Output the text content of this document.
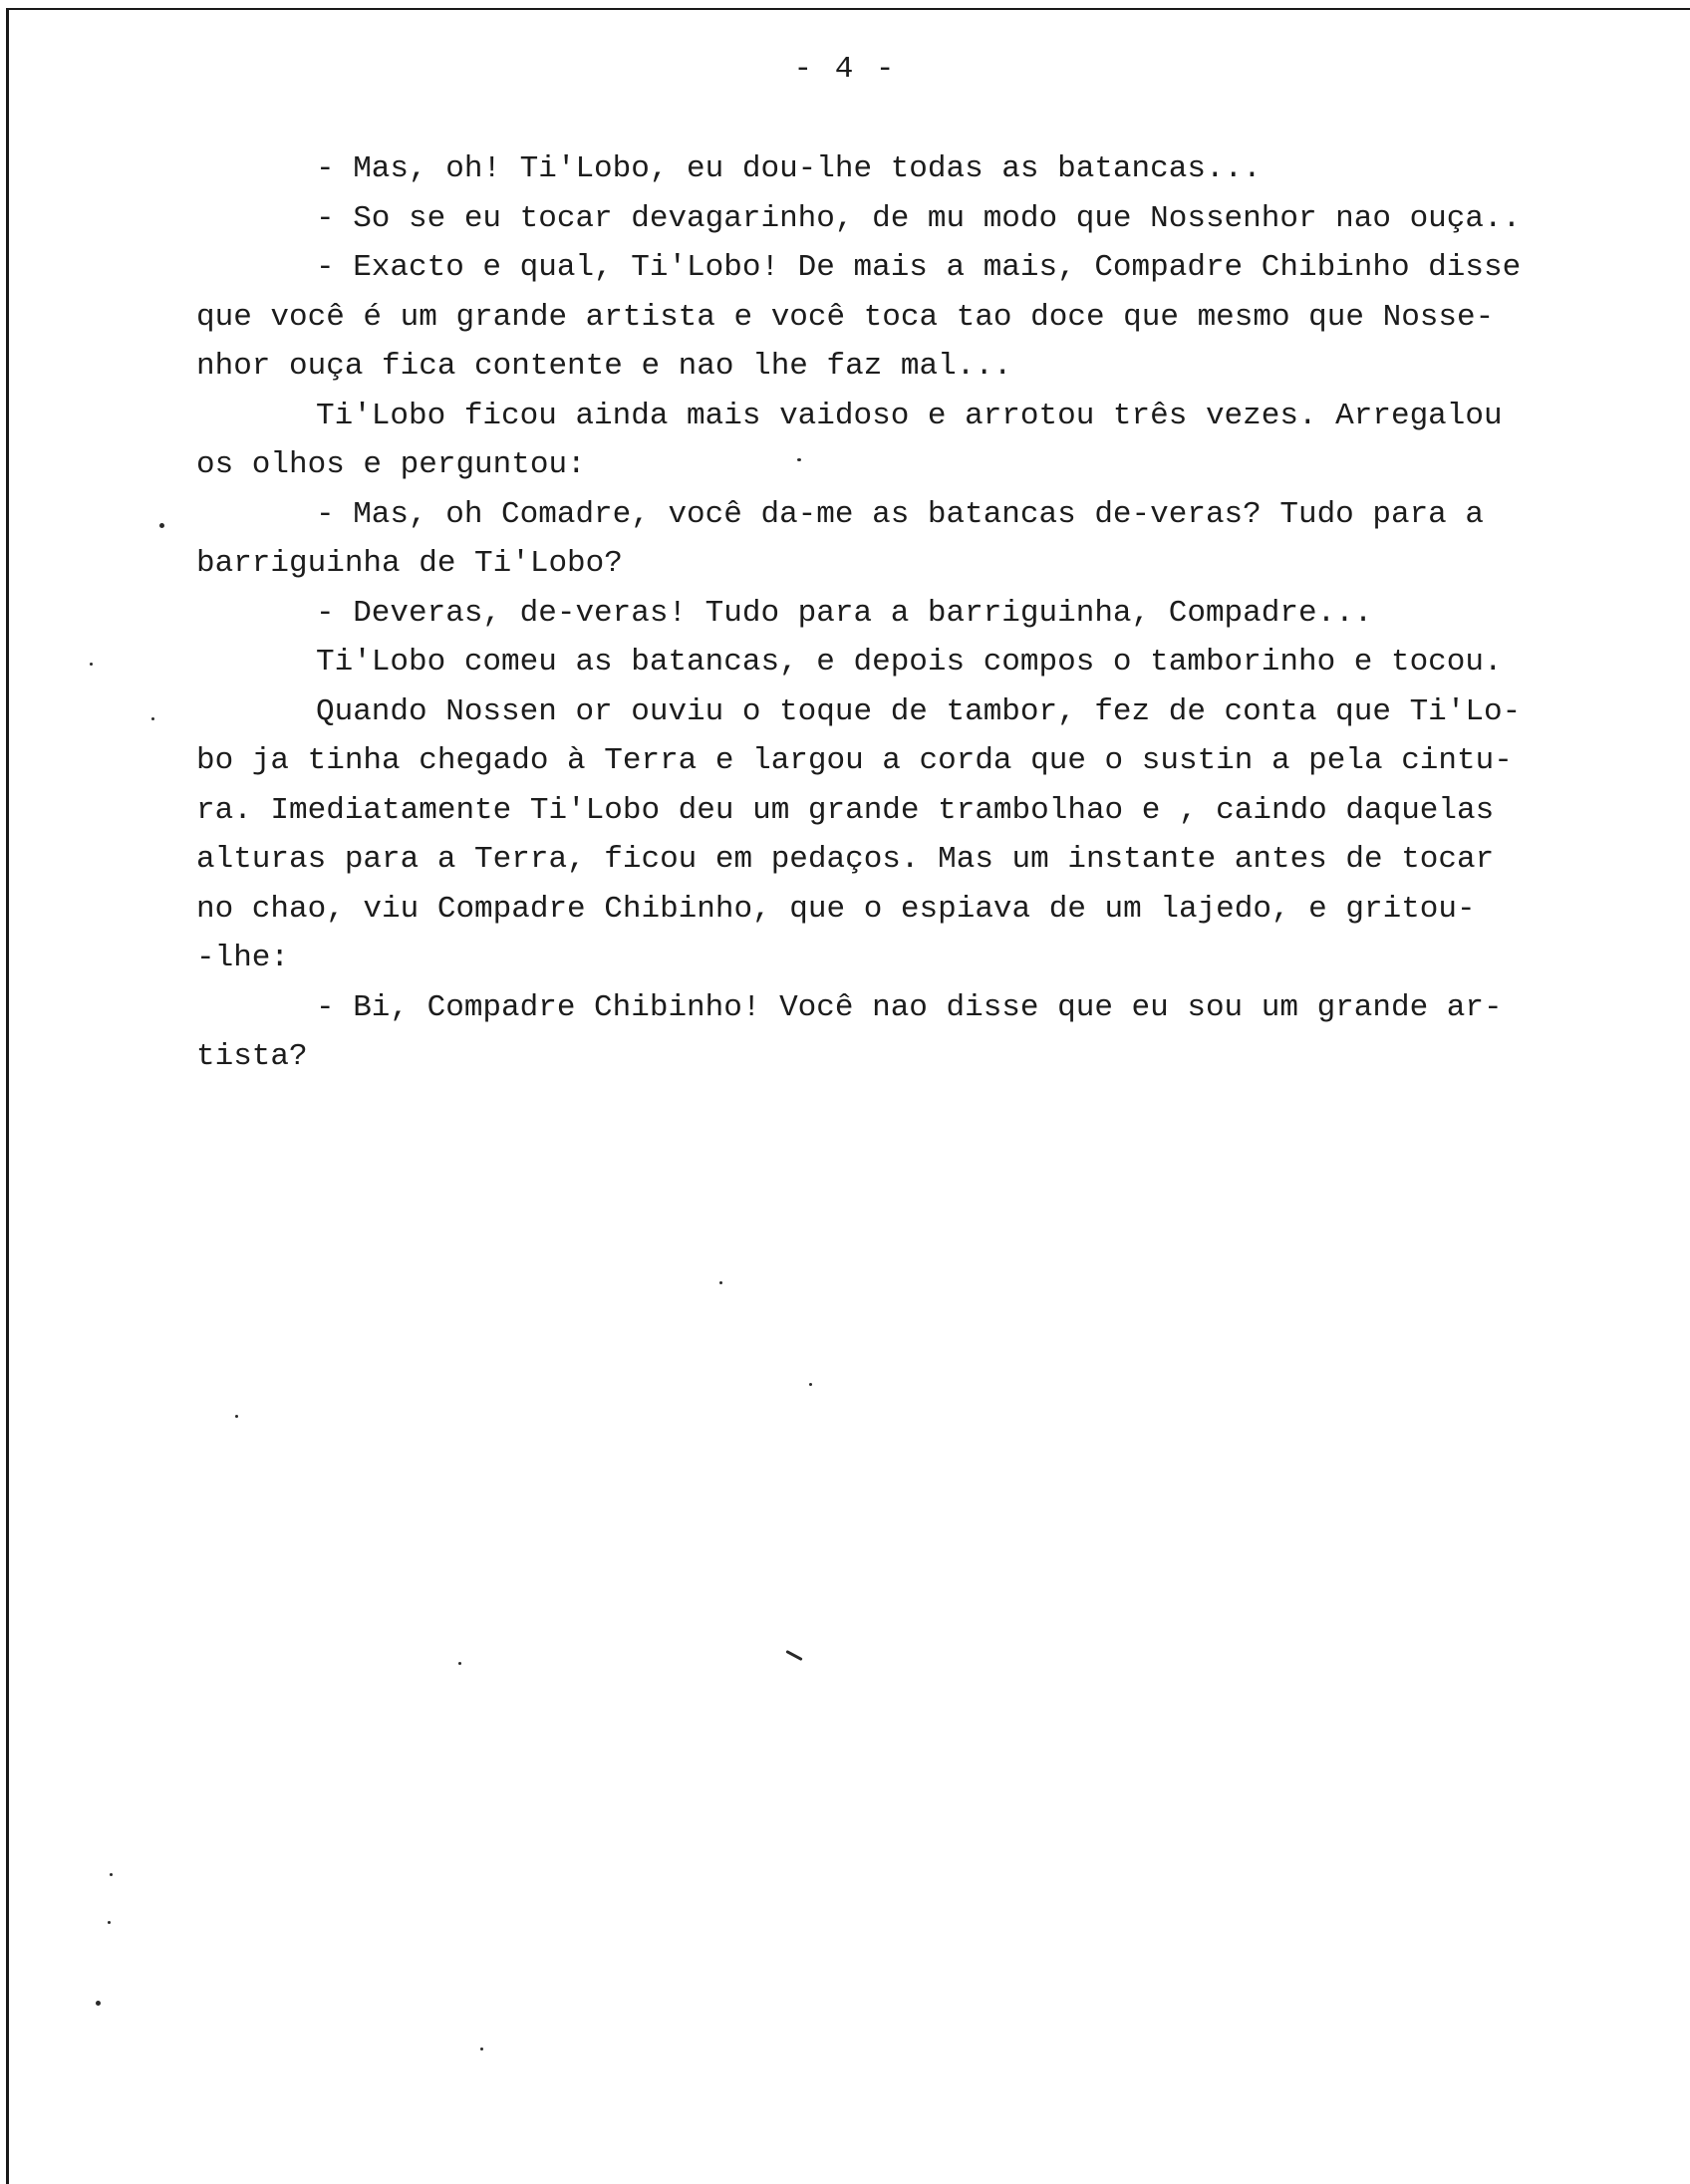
- 4 -
- Mas, oh! Ti'Lobo, eu dou-lhe todas as batancas...
- So se eu tocar devagarinho, de mu modo que Nossenhor nao ouça..
- Exacto e qual, Ti'Lobo! De mais a mais, Compadre Chibinho disse
que você é um grande artista e você toca tao doce que mesmo que Nosse-
nhor ouça fica contente e nao lhe faz mal...
Ti'Lobo ficou ainda mais vaidoso e arrotou três vezes. Arregalou
os olhos e perguntou:
- Mas, oh Comadre, você da-me as batancas de-veras? Tudo para a
barriguinha de Ti'Lobo?
- Deveras, de-veras! Tudo para a barriguinha, Compadre...
Ti'Lobo comeu as batancas, e depois compos o tamborinho e tocou.
Quando Nossen or ouviu o toque de tambor, fez de conta que Ti'Lo-
bo ja tinha chegado à Terra e largou a corda que o sustin a pela cintu-
ra. Imediatamente Ti'Lobo deu um grande trambolhao e , caindo daquelas
alturas para a Terra, ficou em pedaços. Mas um instante antes de tocar
no chao, viu Compadre Chibinho, que o espiava de um lajedo, e gritou-
-lhe:
- Bi, Compadre Chibinho! Você nao disse que eu sou um grande ar-
tista?
